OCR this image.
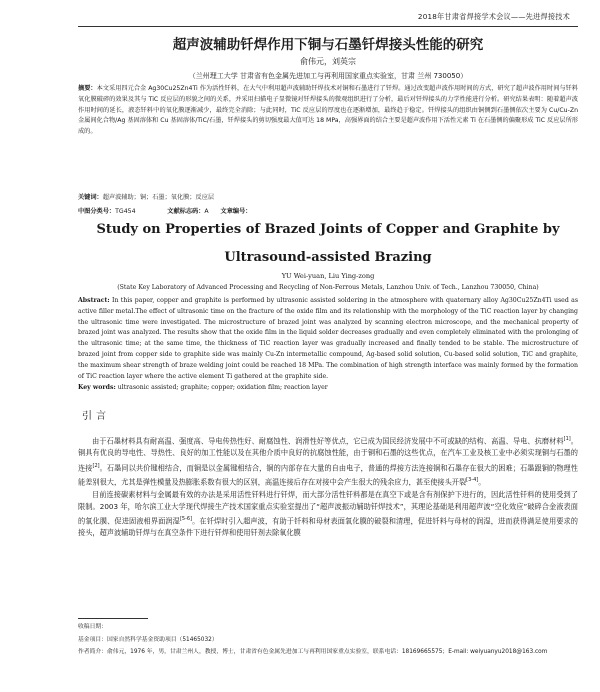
2018年甘肃省焊接学术会议——先进焊接技术
超声波辅助钎焊作用下铜与石墨钎焊接头性能的研究
俞伟元，刘英宗
（兰州理工大学 甘肃省有色金属先进加工与再利用国家重点实验室，甘肃 兰州 730050）
摘要：本文采用四元合金 Ag30Cu25Zn4Ti 作为活性钎料，在大气中利用超声波辅助钎焊技术对铜和石墨进行了钎焊。通过改变超声波作用时间的方式，研究了超声波作用时间与钎料氧化膜破碎的效果及其与 TiC 反应层的形貌之间的关系，并采用扫描电子显微镜对钎焊接头的微观组织进行了分析，最后对钎焊接头的力学性能进行分析。研究结果表明：随着超声波作用时间的延长，液态钎料中的氧化膜逐渐减少，最终完全消除；与此同时，TiC 反应层的厚度也在逐渐增加，最终趋于稳定。钎焊接头的组织由铜侧到石墨侧依次主要为 Cu/Cu-Zn 金属间化合物/Ag 基固溶体和 Cu 基固溶体/TiC/石墨，钎焊接头的剪切强度最大值可达 18 MPa，高强界面的结合主要是超声波作用下活性元素 Ti 在石墨侧的偏聚形成 TiC 反应层所形成的。
关键词：超声波辅助；铜；石墨；氧化膜；反应层
中图分类号：TG454	文献标志码：A 文章编号：
Study on Properties of Brazed Joints of Copper and Graphite by
Ultrasound-assisted Brazing
YU Wei-yuan, Liu Ying-zong
(State Key Laboratory of Advanced Processing and Recycling of Non-Ferrous Metals, Lanzhou Univ. of Tech., Lanzhou 730050, China)
Abstract: In this paper, copper and graphite is performed by ultrasonic assisted soldering in the atmosphere with quaternary alloy Ag30Cu25Zn4Ti used as active filler metal.The effect of ultrasonic time on the fracture of the oxide film and its relationship with the morphology of the TiC reaction layer by changing the ultrasonic time were investigated. The microstructure of brazed joint was analyzed by scanning electron microscope, and the mechanical property of brazed joint was analyzed. The results show that the oxide film in the liquid solder decreases gradually and even completely eliminated with the prolonging of the ultrasonic time; at the same time, the thickness of TiC reaction layer was gradually increased and finally tended to be stable. The microstructure of brazed joint from copper side to graphite side was mainly Cu-Zn intermetallic compound, Ag-based solid solution, Cu-based solid solution, TiC and graphite, the maximum shear strength of braze welding joint could be reached 18 MPa. The combination of high strength interface was mainly formed by the formation of TiC reaction layer where the active element Ti gathered at the graphite side.
Key words: ultrasonic assisted; graphite; copper; oxidation film; reaction layer
引言

由于石墨材料具有耐高温、强度高、导电传热性好、耐腐蚀性、润滑性好等优点，它已成为国民经济发展中不可或缺的结构、高温、导电、抗磨材料[1]。铜具有优良的导电性、导热性、良好的加工性能以及在其他介质中良好的抗腐蚀性能，由于铜和石墨的这些优点，在汽车工业及核工业中必须实现铜与石墨的连接[2]。石墨同以共价键相结合，而铜是以金属键相结合，铜的内部存在大量的自由电子，普通的焊接方法连接铜和石墨存在很大的困难；石墨跟铜的物理性能差别很大，尤其是弹性模量及热膨胀系数有很大的区别，高温连接后存在对接中会产生很大的残余应力，甚至使接头开裂[3-4]。

目前连接碳素材料与金属最有效的办法是采用活性钎料进行钎焊，而大部分活性钎料都是在真空下或是含有剂保护下进行的，因此活性钎料的使用受到了限制。2003 年，哈尔滨工业大学现代焊接生产技术国家重点实验室提出了“超声波振动辅助钎焊技术”，其理论基础是利用超声波“空化效应”破碎合金液表面的氧化膜、促进固液相界面润湿[5-6]。在钎焊时引入超声波，有助于钎料和母材表面氧化膜的破裂和清理，促进钎料与母材的润湿，进而获得满足使用要求的接头，超声波辅助钎焊与在真空条件下进行钎焊和使用钎剂去除氧化膜

收稿日期：
基金项目：国家自然科学基金资助项目（51465032）
作者简介：俞伟元，1976 年，男，甘肃兰州人，教授，博士，甘肃省有色金属先进加工与再利用国家重点实验室，联系电话：18169665575；E-mail: weiyuanyu2018@163.com
